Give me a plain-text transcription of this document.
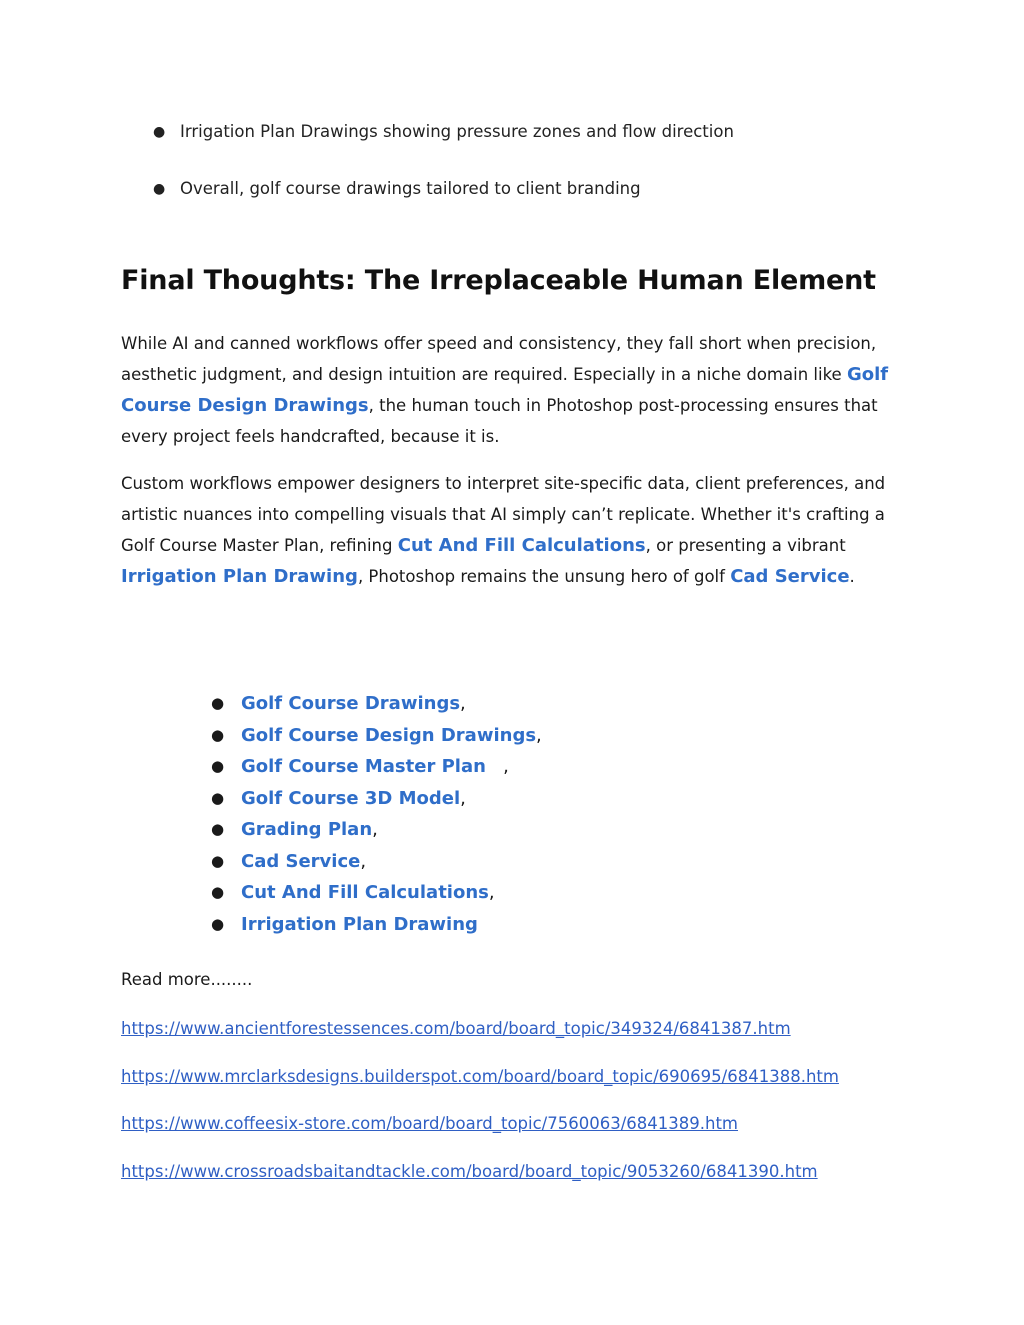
● Irrigation Plan Drawings showing pressure zones and flow direction
● Overall, golf course drawings tailored to client branding
Final Thoughts: The Irreplaceable Human Element

While AI and canned workflows offer speed and consistency, they fall short when precision, aesthetic judgment, and design intuition are required. Especially in a niche domain like Golf Course Design Drawings, the human touch in Photoshop post-processing ensures that every project feels handcrafted, because it is.

Custom workflows empower designers to interpret site-specific data, client preferences, and artistic nuances into compelling visuals that AI simply can’t replicate. Whether it's crafting a Golf Course Master Plan, refining Cut And Fill Calculations, or presenting a vibrant Irrigation Plan Drawing, Photoshop remains the unsung hero of golf Cad Service.

● Golf Course Drawings,
● Golf Course Design Drawings,
● Golf Course Master Plan   ,
● Golf Course 3D Model,
● Grading Plan,
● Cad Service,
● Cut And Fill Calculations,
● Irrigation Plan Drawing

Read more........

https://www.ancientforestessences.com/board/board_topic/349324/6841387.htm
https://www.mrclarksdesigns.builderspot.com/board/board_topic/690695/6841388.htm
https://www.coffeesix-store.com/board/board_topic/7560063/6841389.htm
https://www.crossroadsbaitandtackle.com/board/board_topic/9053260/6841390.htm
